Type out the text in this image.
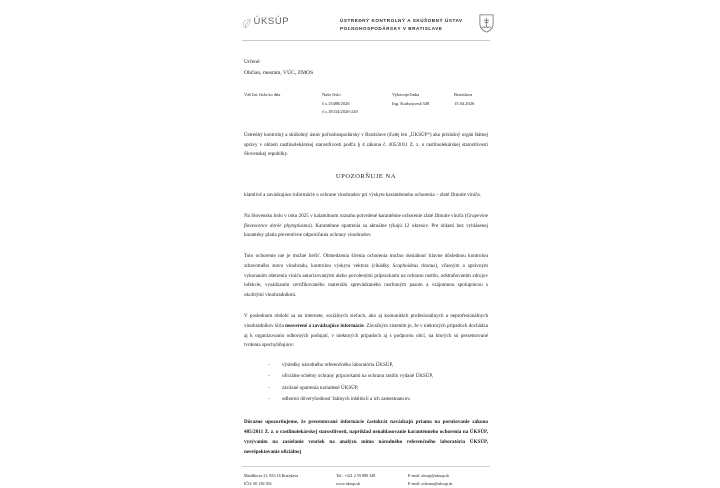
ÚKSÚP	ÚSTREDNÝ KONTROLNÝ A SKÚŠOBNÝ ÚSTAV
POĽNOHOSPODÁRSKY V BRATISLAVE
Určené:
Občian, mestám, VÚC, ZMOS
Váš list číslo/zo dňa	Naše číslo
č.s.15488/2026
č.s.18334/2026-220
Vybavuje/linka
Ing. Kurhajcová/348
Bratislava
15.04.2026

Ústredný kontrolný a skúšobný ústav poľnohospodársky v Bratislave (ďalej len „ÚKSÚP“) ako príslušný orgán štátnej správy v oblasti rastlinolekárskej starostlivosti podľa § 4 zákona č. 405/2011 Z. z. o rastlinolekárskej starostlivosti Slovenskej republiky.

UPOZORŇUJE NA

klamlivé a zavádzajúce informácie o ochrane vinohradov pri výskyte karanténneho ochorenia – zlaté žltnutie viniča.

Na Slovensku bolo v roku 2025 v kalamitnom rozsahu potvrdené karanténne ochorenie zlaté žltnutie viniča (Grapevine flavescence dorée phytoplasma). Karanténne opatrenia sa aktuálne týkajú 12 okresov. Pre oblasti bez vyhlásenej karantény platia preventívne odporúčania ochrany vinohradov.

Toto ochorenie nie je možné liečiť. Obmedzenia šírenia ochorenia možno dosiahnuť hlavne dôslednou kontrolou zdravotného stavu vinohradu, kontrolou výskytu vektora (cikádky Scaphoideus titanus), včasným a správnym vykonaním ošetrenia viniča autorizovanými alebo povolenými prípravkami na ochranu rastlín, odstraňovaním zdrojov infekcie, vysádzaním certifikovaného materiálu sprevádzaného rastlinným pasom a vzájomnou spoluprácou s okolitými vinohradníkmi.

V poslednom období sa na internete, sociálnych sieťach, ako aj komunitách profesionálnych a neprofesionálnych vinohradníkov šíria neoverené a zavádzajúce informácie. Závažným zistením je, že v niektorých prípadoch dochádza aj k organizovaniu odborných podujatí, v niektorých prípadoch aj s podporou obcí, na ktorých sú prezentované tvrdenia spochybňujúce:

- výsledky národného referenčného laboratória ÚKSÚP,
- oficiálne schémy ochrany prípravkami na ochranu rastlín vydané ÚKSÚP,
- záväzné opatrenia nariadené ÚKSÚP,
- odbornú dôveryhodnosť štátnych inštitúcií a ich zamestnancov.

Dôrazne upozorňujeme, že prezentované informácie častokrát navádzajú priamo na porušovanie zákona 405/2011 Z. z. o rastlinolekárskej starostlivosti, napríklad nenahlasovanie karanténneho ochorenia na ÚKSÚP, vyzývanim na zasielanie vzoriek na analýzu mimo národného referenčného laboratória ÚKSÚP, nerešpektovanie oficiálnej

Matúškova 21, 833 16 Bratislava
IČO: 00 156 582
Tel.: +421 2 59 880 348
www.uksup.sk
E-mail: uksup@uksup.sk
E-mail: ochrana@uksup.sk
